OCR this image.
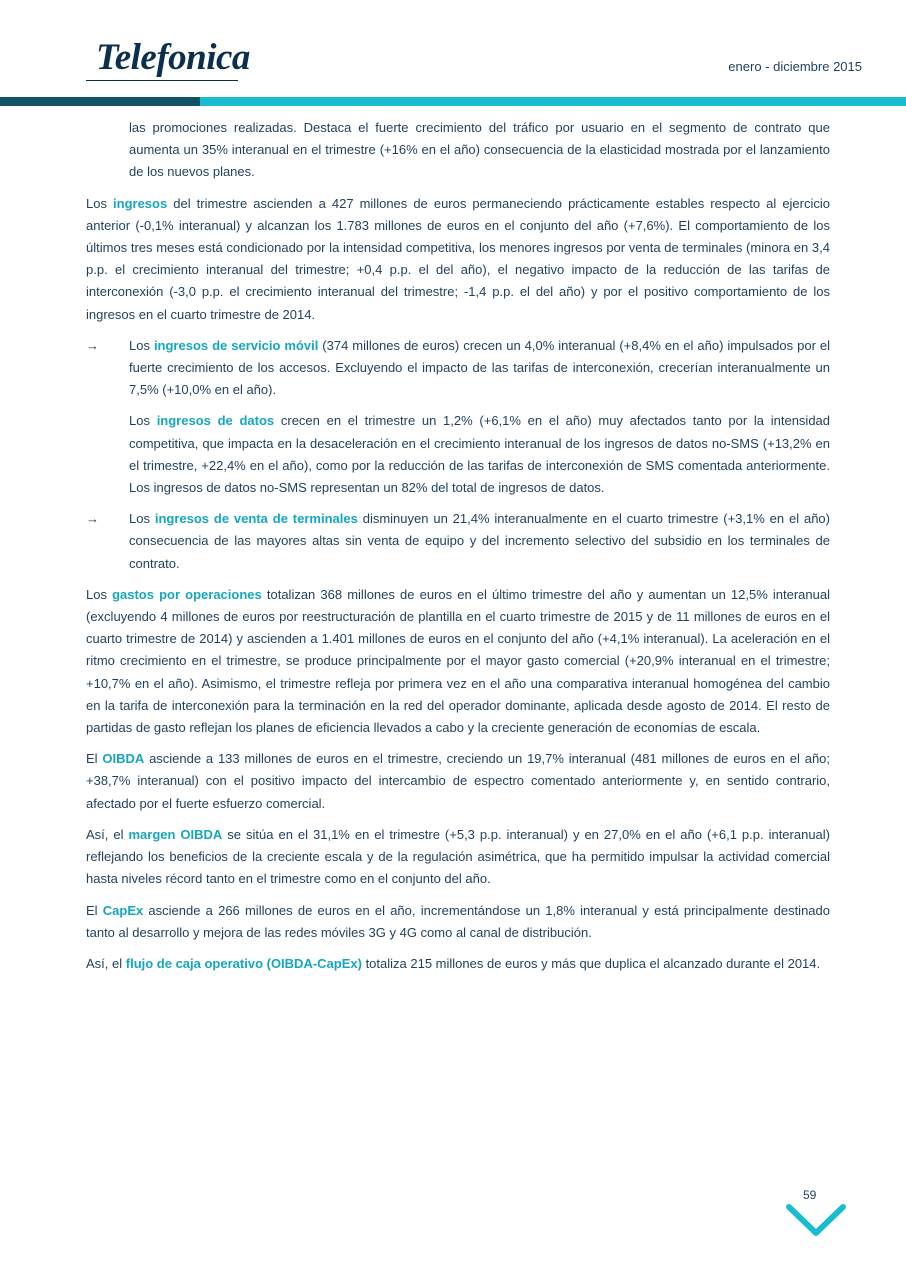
Telefonica	enero - diciembre 2015

las promociones realizadas. Destaca el fuerte crecimiento del tráfico por usuario en el segmento de contrato que aumenta un 35% interanual en el trimestre (+16% en el año) consecuencia de la elasticidad mostrada por el lanzamiento de los nuevos planes.

Los ingresos del trimestre ascienden a 427 millones de euros permaneciendo prácticamente estables respecto al ejercicio anterior (-0,1% interanual) y alcanzan los 1.783 millones de euros en el conjunto del año (+7,6%). El comportamiento de los últimos tres meses está condicionado por la intensidad competitiva, los menores ingresos por venta de terminales (minora en 3,4 p.p. el crecimiento interanual del trimestre; +0,4 p.p. el del año), el negativo impacto de la reducción de las tarifas de interconexión (-3,0 p.p. el crecimiento interanual del trimestre; -1,4 p.p. el del año) y por el positivo comportamiento de los ingresos en el cuarto trimestre de 2014.

→ Los ingresos de servicio móvil (374 millones de euros) crecen un 4,0% interanual (+8,4% en el año) impulsados por el fuerte crecimiento de los accesos. Excluyendo el impacto de las tarifas de interconexión, crecerían interanualmente un 7,5% (+10,0% en el año).

Los ingresos de datos crecen en el trimestre un 1,2% (+6,1% en el año) muy afectados tanto por la intensidad competitiva, que impacta en la desaceleración en el crecimiento interanual de los ingresos de datos no-SMS (+13,2% en el trimestre, +22,4% en el año), como por la reducción de las tarifas de interconexión de SMS comentada anteriormente. Los ingresos de datos no-SMS representan un 82% del total de ingresos de datos.

→ Los ingresos de venta de terminales disminuyen un 21,4% interanualmente en el cuarto trimestre (+3,1% en el año) consecuencia de las mayores altas sin venta de equipo y del incremento selectivo del subsidio en los terminales de contrato.

Los gastos por operaciones totalizan 368 millones de euros en el último trimestre del año y aumentan un 12,5% interanual (excluyendo 4 millones de euros por reestructuración de plantilla en el cuarto trimestre de 2015 y de 11 millones de euros en el cuarto trimestre de 2014) y ascienden a 1.401 millones de euros en el conjunto del año (+4,1% interanual). La aceleración en el ritmo crecimiento en el trimestre, se produce principalmente por el mayor gasto comercial (+20,9% interanual en el trimestre; +10,7% en el año). Asimismo, el trimestre refleja por primera vez en el año una comparativa interanual homogénea del cambio en la tarifa de interconexión para la terminación en la red del operador dominante, aplicada desde agosto de 2014. El resto de partidas de gasto reflejan los planes de eficiencia llevados a cabo y la creciente generación de economías de escala.

El OIBDA asciende a 133 millones de euros en el trimestre, creciendo un 19,7% interanual (481 millones de euros en el año; +38,7% interanual) con el positivo impacto del intercambio de espectro comentado anteriormente y, en sentido contrario, afectado por el fuerte esfuerzo comercial.

Así, el margen OIBDA se sitúa en el 31,1% en el trimestre (+5,3 p.p. interanual) y en 27,0% en el año (+6,1 p.p. interanual) reflejando los beneficios de la creciente escala y de la regulación asimétrica, que ha permitido impulsar la actividad comercial hasta niveles récord tanto en el trimestre como en el conjunto del año.

El CapEx asciende a 266 millones de euros en el año, incrementándose un 1,8% interanual y está principalmente destinado tanto al desarrollo y mejora de las redes móviles 3G y 4G como al canal de distribución.

Así, el flujo de caja operativo (OIBDA-CapEx) totaliza 215 millones de euros y más que duplica el alcanzado durante el 2014.

59
